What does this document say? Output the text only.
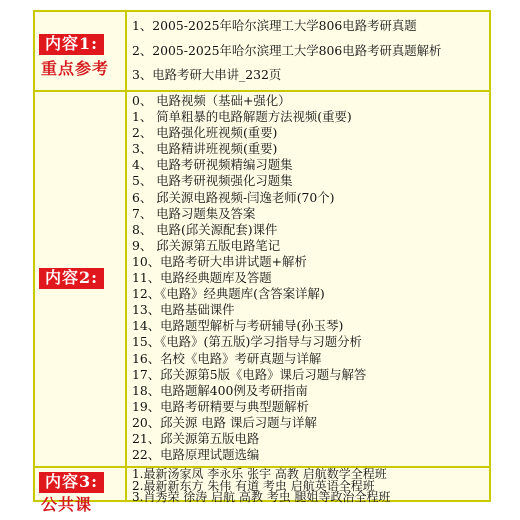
内容1:
重点参考
1、2005-2025年哈尔滨理工大学806电路考研真题
2、2005-2025年哈尔滨理工大学806电路考研真题解析
3、电路考研大串讲_232页
内容2:
0、 电路视频（基础+强化）
1、 简单粗暴的电路解题方法视频(重要)
2、 电路强化班视频(重要)
3、 电路精讲班视频(重要)
4、 电路考研视频精编习题集
5、 电路考研视频强化习题集
6、 邱关源电路视频-闫逸老师(70个)
7、 电路习题集及答案
8、 电路(邱关源配套)课件
9、 邱关源第五版电路笔记
10、电路考研大串讲试题+解析
11、电路经典题库及答题
12、《电路》经典题库(含答案详解)
13、电路基础课件
14、电路题型解析与考研辅导(孙玉琴)
15、《电路》(第五版)学习指导与习题分析
16、名校《电路》考研真题与详解
17、邱关源第5版《电路》课后习题与解答
18、电路题解400例及考研指南
19、电路考研精要与典型题解析
20、邱关源 电路 课后习题与详解
21、邱关源第五版电路
22、电路原理试题选编
内容3:
公共课
1.最新汤家凤 李永乐 张宇 高教 启航数学全程班
2.最新新东方 朱伟 有道 考虫 启航英语全程班
3.肖秀荣 徐涛 启航 高教 考虫 腿姐等政治全程班
